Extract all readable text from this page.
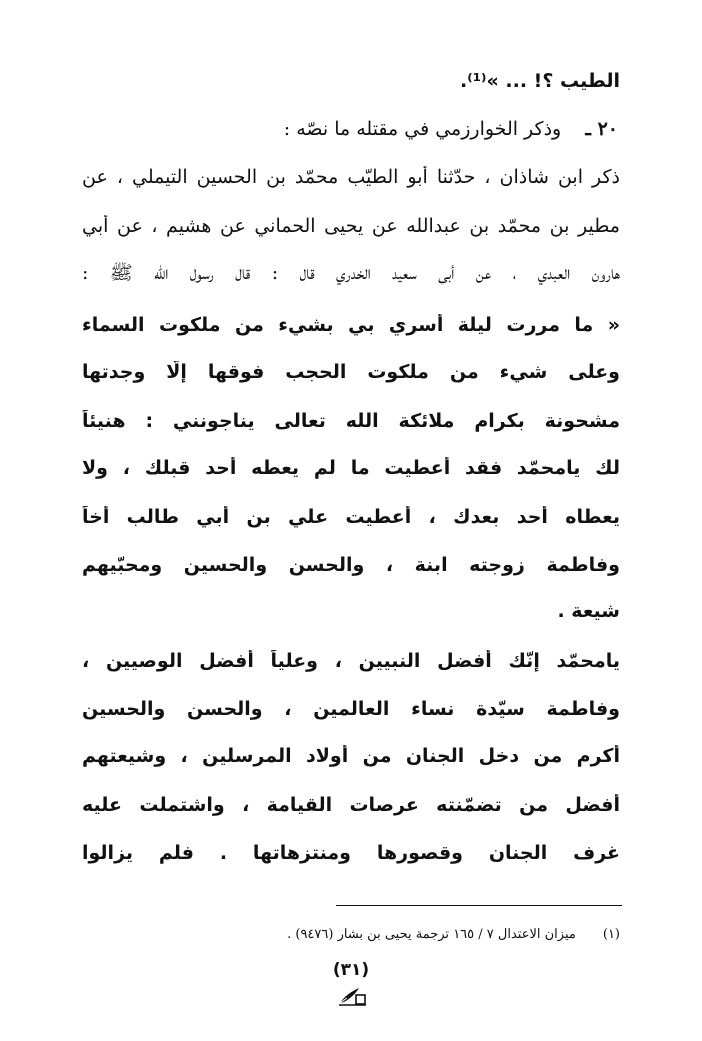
الطيب ؟! ... »⁽¹⁾.
٢٠ ـ    وذكر الخوارزمي في مقتله ما نصّه :
ذكر ابن شاذان ، حدّثنا أبو الطيّب محمّد بن الحسين التيملي ، عن
مطير بن محمّد بن عبدالله عن يحيى الحماني عن هشيم ، عن أبي
هارون العبدي ، عن أبي سعيد الخدري قال : قال رسول الله ﷺ :
« ما مررت ليلة أُسري بي بشيء من ملكوت السماء
وعلى شيء من ملكوت الحجب فوقها إلّا وجدتها
مشحونة بكرام ملائكة الله تعالى يناجونني : هنيئاً
لك يامحمّد فقد أُعطيت ما لم يعطه أحد قبلك ، ولا
يعطاه أحد بعدك ، أُعطيت علي بن أبي طالب أخاً
وفاطمة زوجته ابنة ، والحسن والحسين ومحبّيهم
شيعة .
يامحمّد إنّك أفضل النبيين ، وعلياً أفضل الوصيين ،
وفاطمة سيّدة نساء العالمين ، والحسن والحسين
أكرم من دخل الجنان من أولاد المرسلين ، وشيعتهم
أفضل من تضمّنته عرصات القيامة ، واشتملت عليه
غرف الجنان وقصورها ومنتزهاتها . فلم يزالوا
(١) ميزان الاعتدال ٧ / ١٦٥ ترجمة يحيى بن بشار (٩٤٧٦) .
(٣١)
